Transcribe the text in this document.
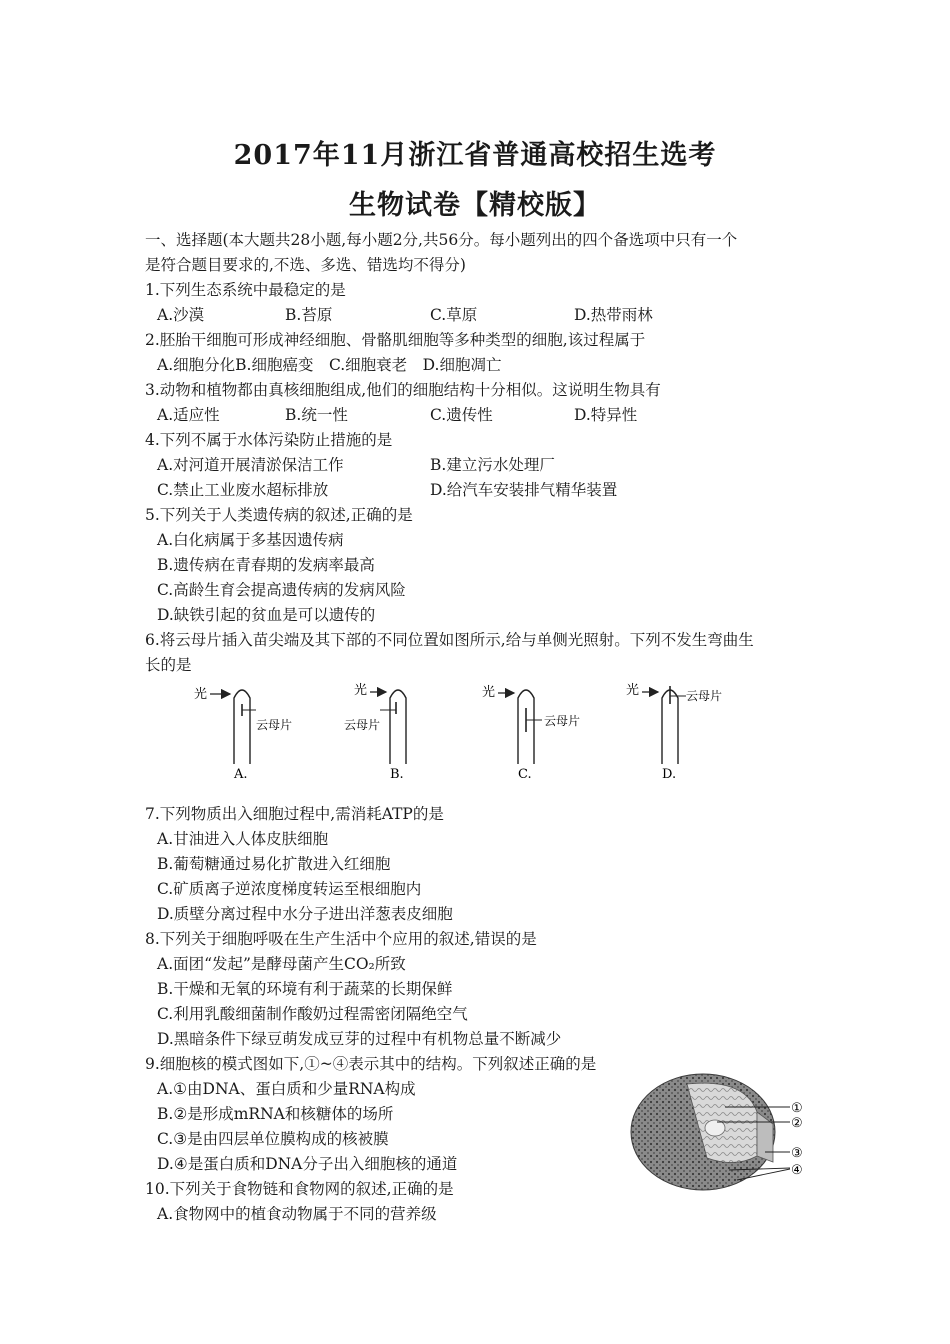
2017年11月浙江省普通高校招生选考
生物试卷【精校版】
一、选择题(本大题共28小题,每小题2分,共56分。每小题列出的四个备选项中只有一个
是符合题目要求的,不选、多选、错选均不得分)
1.下列生态系统中最稳定的是
A.沙漠	B.苔原	C.草原	D.热带雨林
2.胚胎干细胞可形成神经细胞、骨骼肌细胞等多种类型的细胞,该过程属于
A.细胞分化B.细胞癌变　C.细胞衰老　D.细胞凋亡
3.动物和植物都由真核细胞组成,他们的细胞结构十分相似。这说明生物具有
A.适应性	B.统一性	C.遗传性	D.特异性
4.下列不属于水体污染防止措施的是
A.对河道开展清淤保洁工作	B.建立污水处理厂
C.禁止工业废水超标排放	D.给汽车安装排气精华装置
5.下列关于人类遗传病的叙述,正确的是
A.白化病属于多基因遗传病
B.遗传病在青春期的发病率最高
C.高龄生育会提高遗传病的发病风险
D.缺铁引起的贫血是可以遗传的
6.将云母片插入苗尖端及其下部的不同位置如图所示,给与单侧光照射。下列不发生弯曲生
长的是
光
云母片
A.
光
云母片
B.
光
云母片
C.
光	云母片
D.
7.下列物质出入细胞过程中,需消耗ATP的是
A.甘油进入人体皮肤细胞
B.葡萄糖通过易化扩散进入红细胞
C.矿质离子逆浓度梯度转运至根细胞内
D.质壁分离过程中水分子进出洋葱表皮细胞
8.下列关于细胞呼吸在生产生活中个应用的叙述,错误的是
A.面团“发起”是酵母菌产生CO₂所致
B.干燥和无氧的环境有利于蔬菜的长期保鲜
C.利用乳酸细菌制作酸奶过程需密闭隔绝空气
D.黑暗条件下绿豆萌发成豆芽的过程中有机物总量不断减少
9.细胞核的模式图如下,①~④表示其中的结构。下列叙述正确的是
A.①由DNA、蛋白质和少量RNA构成
B.②是形成mRNA和核糖体的场所
C.③是由四层单位膜构成的核被膜
D.④是蛋白质和DNA分子出入细胞核的通道
①
②
③
④
10.下列关于食物链和食物网的叙述,正确的是
A.食物网中的植食动物属于不同的营养级
